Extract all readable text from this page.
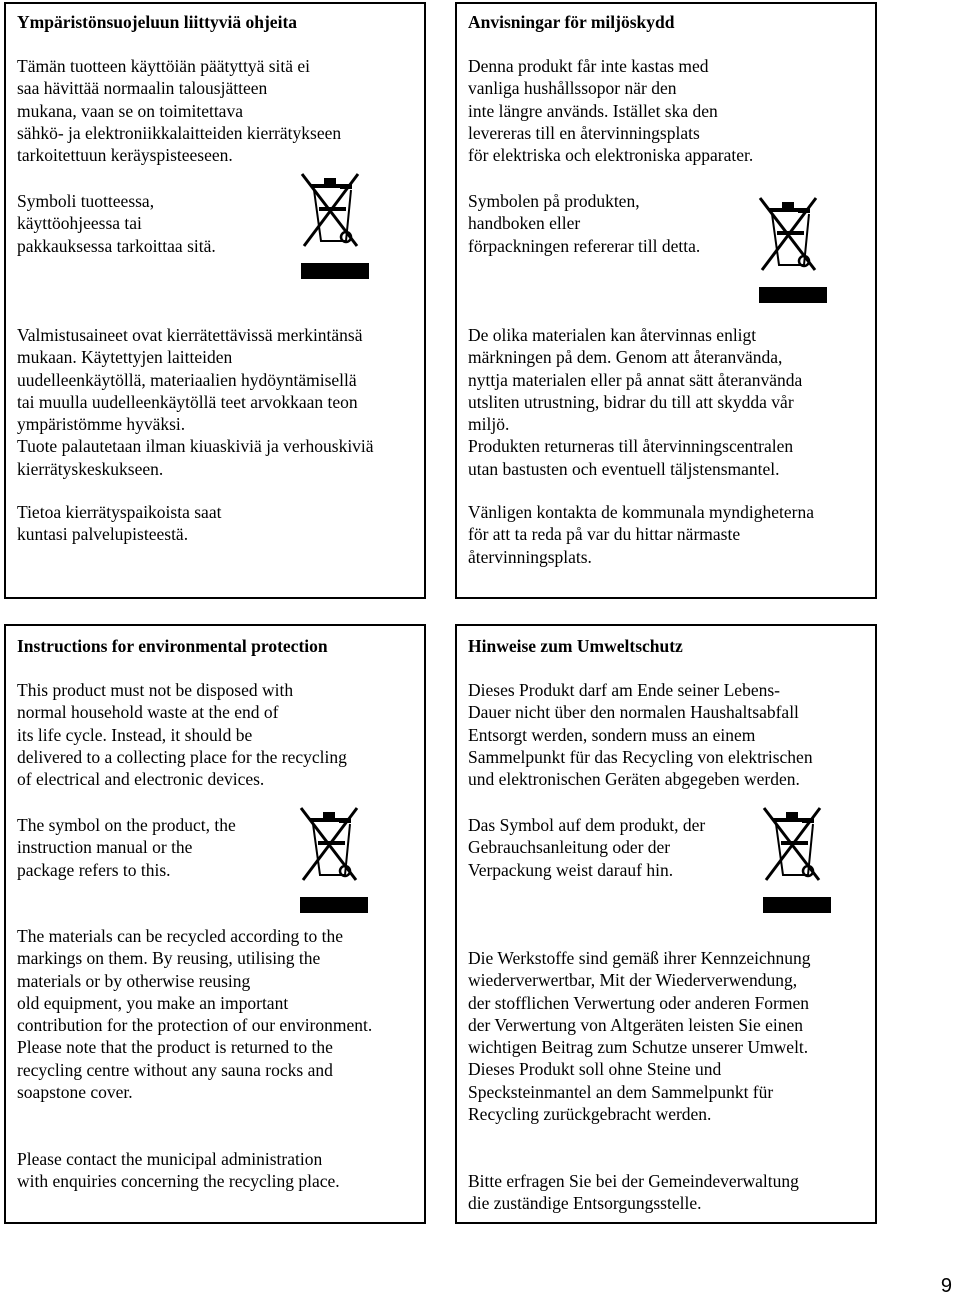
Ympäristönsuojeluun liittyviä ohjeita

Tämän tuotteen käyttöiän päätyttyä sitä ei
saa hävittää normaalin talousjätteen
mukana, vaan se on toimitettava
sähkö- ja elektroniikkalaitteiden kierrätykseen
tarkoitettuun keräyspisteeseen.

Symboli tuotteessa,
käyttöohjeessa tai
pakkauksessa tarkoittaa sitä.

Valmistusaineet ovat kierrätettävissä merkintänsä
mukaan. Käytettyjen laitteiden
uudelleenkäytöllä, materiaalien hydöyntämisellä
tai muulla uudelleenkäytöllä teet arvokkaan teon
ympäristömme hyväksi.
Tuote palautetaan ilman kiuaskiviä ja verhouskiviä
kierrätyskeskukseen.

Tietoa kierrätyspaikoista saat
kuntasi palvelupisteestä.

Anvisningar för miljöskydd

Denna produkt får inte kastas med
vanliga hushållssopor när den
inte längre används. Istället ska den
levereras till en återvinningsplats
för elektriska och elektroniska apparater.

Symbolen på produkten,
handboken eller
förpackningen refererar till detta.

De olika materialen kan återvinnas enligt
märkningen på dem. Genom att återanvända,
nyttja materialen eller på annat sätt återanvända
utsliten utrustning, bidrar du till att skydda vår
miljö.
Produkten returneras till återvinningscentralen
utan bastusten och eventuell täljstensmantel.

Vänligen kontakta de kommunala myndigheterna
för att ta reda på var du hittar närmaste
återvinningsplats.

Instructions for environmental protection

This product must not be disposed with
normal household waste at the end of
its life cycle. Instead, it should be
delivered to a collecting place for the recycling
of electrical and electronic devices.

The symbol on the product, the
instruction manual or the
package refers to this.

The materials can be recycled according to the
markings on them. By reusing, utilising the
materials or by otherwise reusing
old equipment, you make an important
contribution for the protection of our environment.
Please note that the product is returned to the
recycling centre without any sauna rocks and
soapstone cover.

Please contact the municipal administration
with enquiries concerning the recycling place.

Hinweise zum Umweltschutz

Dieses Produkt darf am Ende seiner Lebens-
Dauer nicht über den normalen Haushaltsabfall
Entsorgt werden, sondern muss an einem
Sammelpunkt für das Recycling von elektrischen
und elektronischen Geräten abgegeben werden.

Das Symbol auf dem produkt, der
Gebrauchsanleitung oder der
Verpackung weist darauf hin.

Die Werkstoffe sind gemäß ihrer Kennzeichnung
wiederverwertbar, Mit der Wiederverwendung,
der stofflichen Verwertung oder anderen Formen
der Verwertung von Altgeräten leisten Sie einen
wichtigen Beitrag zum Schutze unserer Umwelt.
Dieses Produkt soll ohne Steine und
Specksteinmantel an dem Sammelpunkt für
Recycling zurückgebracht werden.

Bitte erfragen Sie bei der Gemeindeverwaltung
die zuständige Entsorgungsstelle.

9
